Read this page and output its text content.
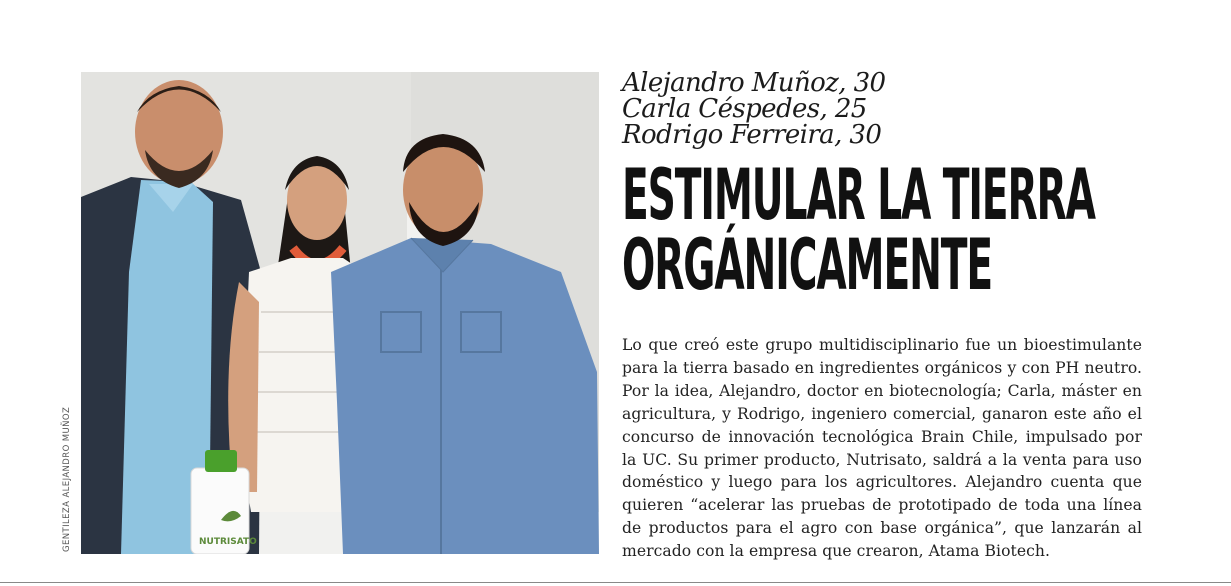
GENTILEZA ALEJANDRO MUÑOZ	NUTRISATO
Alejandro Muñoz, 30
Carla Céspedes, 25
Rodrigo Ferreira, 30
ESTIMULAR LA TIERRA
ORGÁNICAMENTE

Lo que creó este grupo multidisciplinario fue un bioestimulante para la tierra basado en ingredientes orgánicos y con PH neutro. Por la idea, Alejandro, doctor en biotecnología; Carla, máster en agricultura, y Rodrigo, ingeniero comercial, ganaron este año el concurso de innovación tecnológica Brain Chile, impulsado por la UC. Su primer producto, Nutrisato, saldrá a la venta para uso doméstico y luego para los agricultores. Alejandro cuenta que quieren “acelerar las pruebas de prototipado de toda una línea de productos para el agro con base orgánica”, que lanzarán al mercado con la empresa que crearon, Atama Biotech.
